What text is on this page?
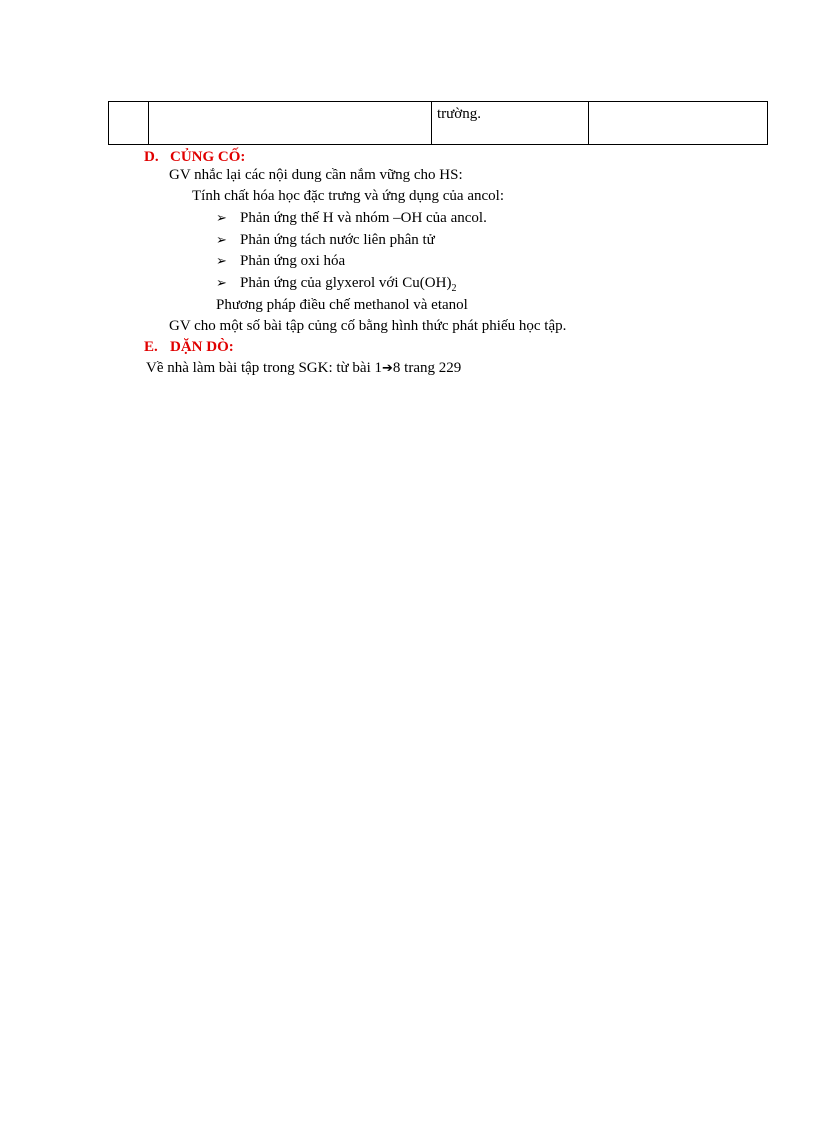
trường.
D. CỦNG CỐ:
GV nhắc lại các nội dung cần nắm vững cho HS:
Tính chất hóa học đặc trưng và ứng dụng của ancol:
➢ Phản ứng thế H và nhóm –OH của ancol.
➢ Phản ứng tách nước liên phân tử
➢ Phản ứng oxi hóa
➢ Phản ứng của glyxerol với $Cu(OH)_2$
Phương pháp điều chế methanol và etanol
GV cho một số bài tập củng cố bằng hình thức phát phiếu học tập.
E. DẶN DÒ:
Về nhà làm bài tập trong SGK: từ bài 1➔8 trang 229
